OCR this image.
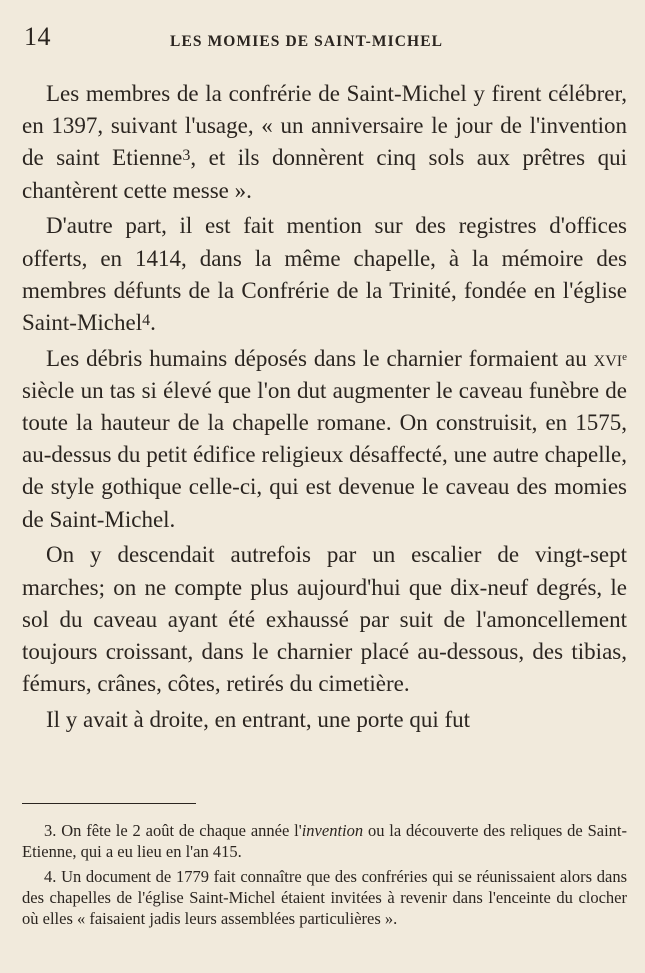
14	LES MOMIES DE SAINT-MICHEL

Les membres de la confrérie de Saint-Michel y firent célébrer, en 1397, suivant l'usage, « un anniversaire le jour de l'invention de saint Etienne$^3$, et ils donnèrent cinq sols aux prêtres qui chantèrent cette messe ».

D'autre part, il est fait mention sur des registres d'offices offerts, en 1414, dans la même chapelle, à la mémoire des membres défunts de la Confrérie de la Trinité, fondée en l'église Saint-Michel$^4$.

Les débris humains déposés dans le charnier formaient au xvi$^e$ siècle un tas si élevé que l'on dut augmenter le caveau funèbre de toute la hauteur de la chapelle romane. On construisit, en 1575, au-dessus du petit édifice religieux désaffecté, une autre chapelle, de style gothique celle-ci, qui est devenue le caveau des momies de Saint-Michel.

On y descendait autrefois par un escalier de vingt-sept marches; on ne compte plus aujourd'hui que dix-neuf degrés, le sol du caveau ayant été exhaussé par suit de l'amoncellement toujours croissant, dans le charnier placé au-dessous, des tibias, fémurs, crânes, côtes, retirés du cimetière.

Il y avait à droite, en entrant, une porte qui fut

3. On fête le 2 août de chaque année l'invention ou la découverte des reliques de Saint-Etienne, qui a eu lieu en l'an 415.

4. Un document de 1779 fait connaître que des confréries qui se réunissaient alors dans des chapelles de l'église Saint-Michel étaient invitées à revenir dans l'enceinte du clocher où elles « faisaient jadis leurs assemblées particulières ».
